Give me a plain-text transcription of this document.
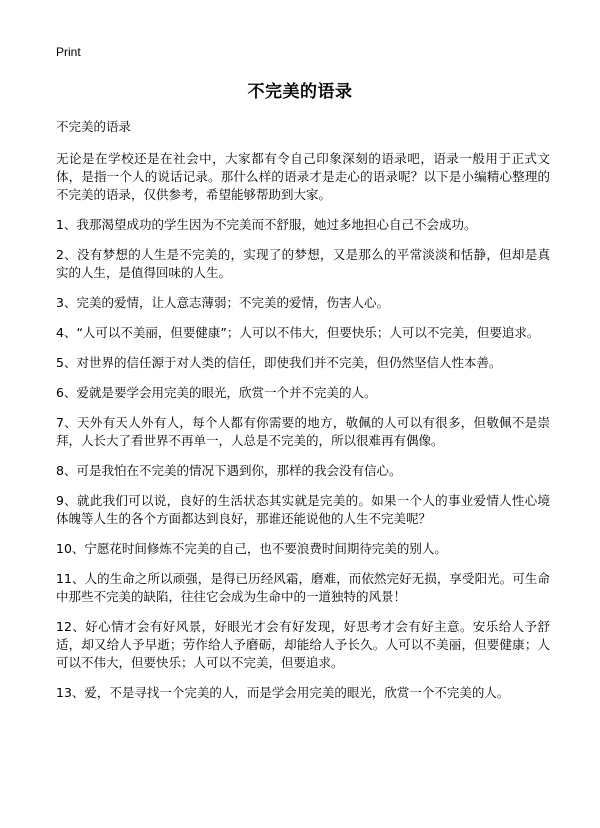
Print
不完美的语录
不完美的语录
无论是在学校还是在社会中，大家都有令自己印象深刻的语录吧，语录一般用于正式文体，是指一个人的说话记录。那什么样的语录才是走心的语录呢？以下是小编精心整理的不完美的语录，仅供参考，希望能够帮助到大家。
1、我那渴望成功的学生因为不完美而不舒服，她过多地担心自己不会成功。
2、没有梦想的人生是不完美的，实现了的梦想，又是那么的平常淡淡和恬静，但却是真实的人生，是值得回味的人生。
3、完美的爱情，让人意志薄弱；不完美的爱情，伤害人心。
4、“人可以不美丽，但要健康”；人可以不伟大，但要快乐；人可以不完美，但要追求。
5、对世界的信任源于对人类的信任，即使我们并不完美，但仍然坚信人性本善。
6、爱就是要学会用完美的眼光，欣赏一个并不完美的人。
7、天外有天人外有人，每个人都有你需要的地方，敬佩的人可以有很多，但敬佩不是崇拜，人长大了看世界不再单一，人总是不完美的，所以很难再有偶像。
8、可是我怕在不完美的情况下遇到你，那样的我会没有信心。
9、就此我们可以说，良好的生活状态其实就是完美的。如果一个人的事业爱情人性心境体魄等人生的各个方面都达到良好，那谁还能说他的人生不完美呢？
10、宁愿花时间修炼不完美的自己，也不要浪费时间期待完美的别人。
11、人的生命之所以顽强，是得已历经风霜，磨难，而依然完好无损，享受阳光。可生命中那些不完美的缺陷，往往它会成为生命中的一道独特的风景！
12、好心情才会有好风景，好眼光才会有好发现，好思考才会有好主意。安乐给人予舒适，却又给人予早逝；劳作给人予磨砺，却能给人予长久。人可以不美丽，但要健康；人可以不伟大，但要快乐；人可以不完美，但要追求。
13、爱，不是寻找一个完美的人，而是学会用完美的眼光，欣赏一个不完美的人。
